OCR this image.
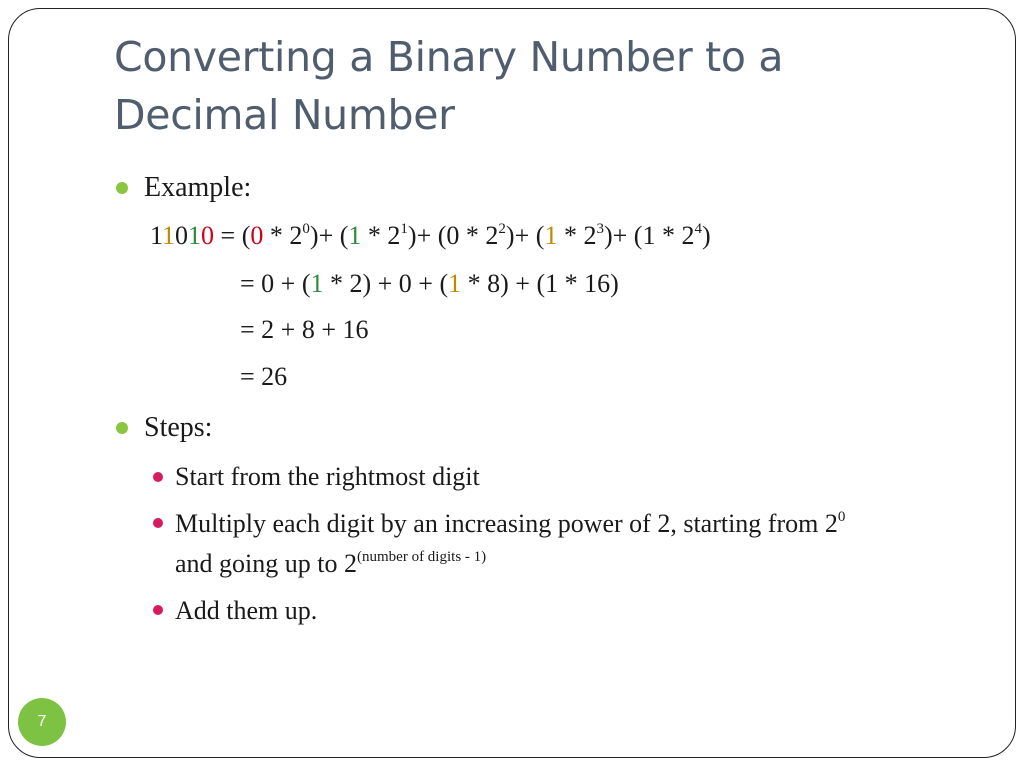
Converting a Binary Number to a Decimal Number
Example:
$11010 = (0 * 2^0)+ (1 * 2^1)+ (0 * 2^2)+ (1 * 2^3)+ (1 * 2^4)$
= 0 + (1 * 2) + 0 + (1 * 8) + (1 * 16)
= 2 + 8 + 16
= 26
Steps:
Start from the rightmost digit
Multiply each digit by an increasing power of 2, starting from $2^0$
and going up to $2^{(number of digits - 1)}$
Add them up.
7
